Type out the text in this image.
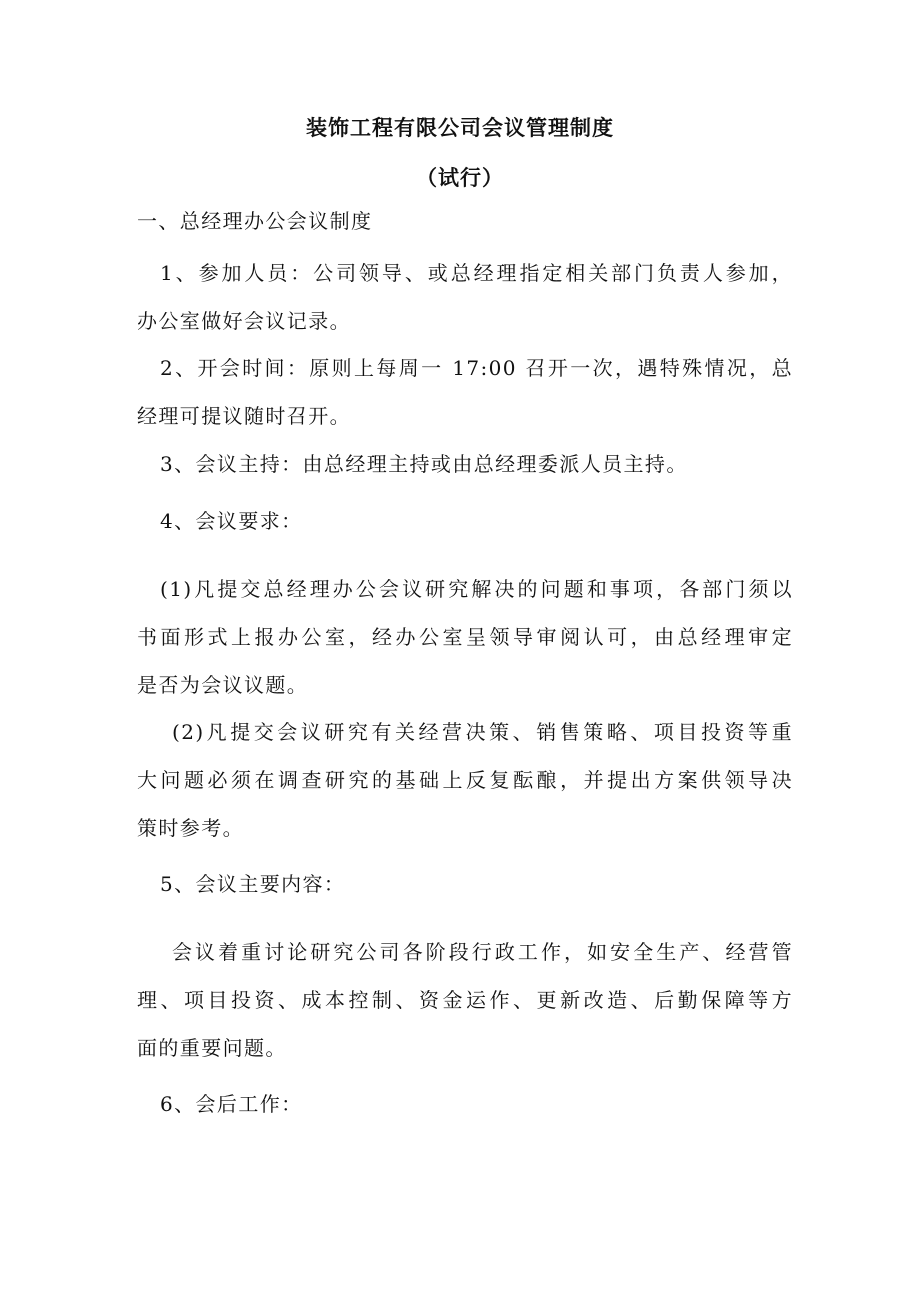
装饰工程有限公司会议管理制度
（试行）
一、总经理办公会议制度
1、参加人员：公司领导、或总经理指定相关部门负责人参加，
办公室做好会议记录。
2、开会时间：原则上每周一 17:00 召开一次，遇特殊情况，总
经理可提议随时召开。
3、会议主持：由总经理主持或由总经理委派人员主持。
4、会议要求：
(1)凡提交总经理办公会议研究解决的问题和事项，各部门须以
书面形式上报办公室，经办公室呈领导审阅认可，由总经理审定
是否为会议议题。
(2)凡提交会议研究有关经营决策、销售策略、项目投资等重
大问题必须在调查研究的基础上反复酝酿，并提出方案供领导决
策时参考。
5、会议主要内容：
会议着重讨论研究公司各阶段行政工作，如安全生产、经营管
理、项目投资、成本控制、资金运作、更新改造、后勤保障等方
面的重要问题。
6、会后工作：
